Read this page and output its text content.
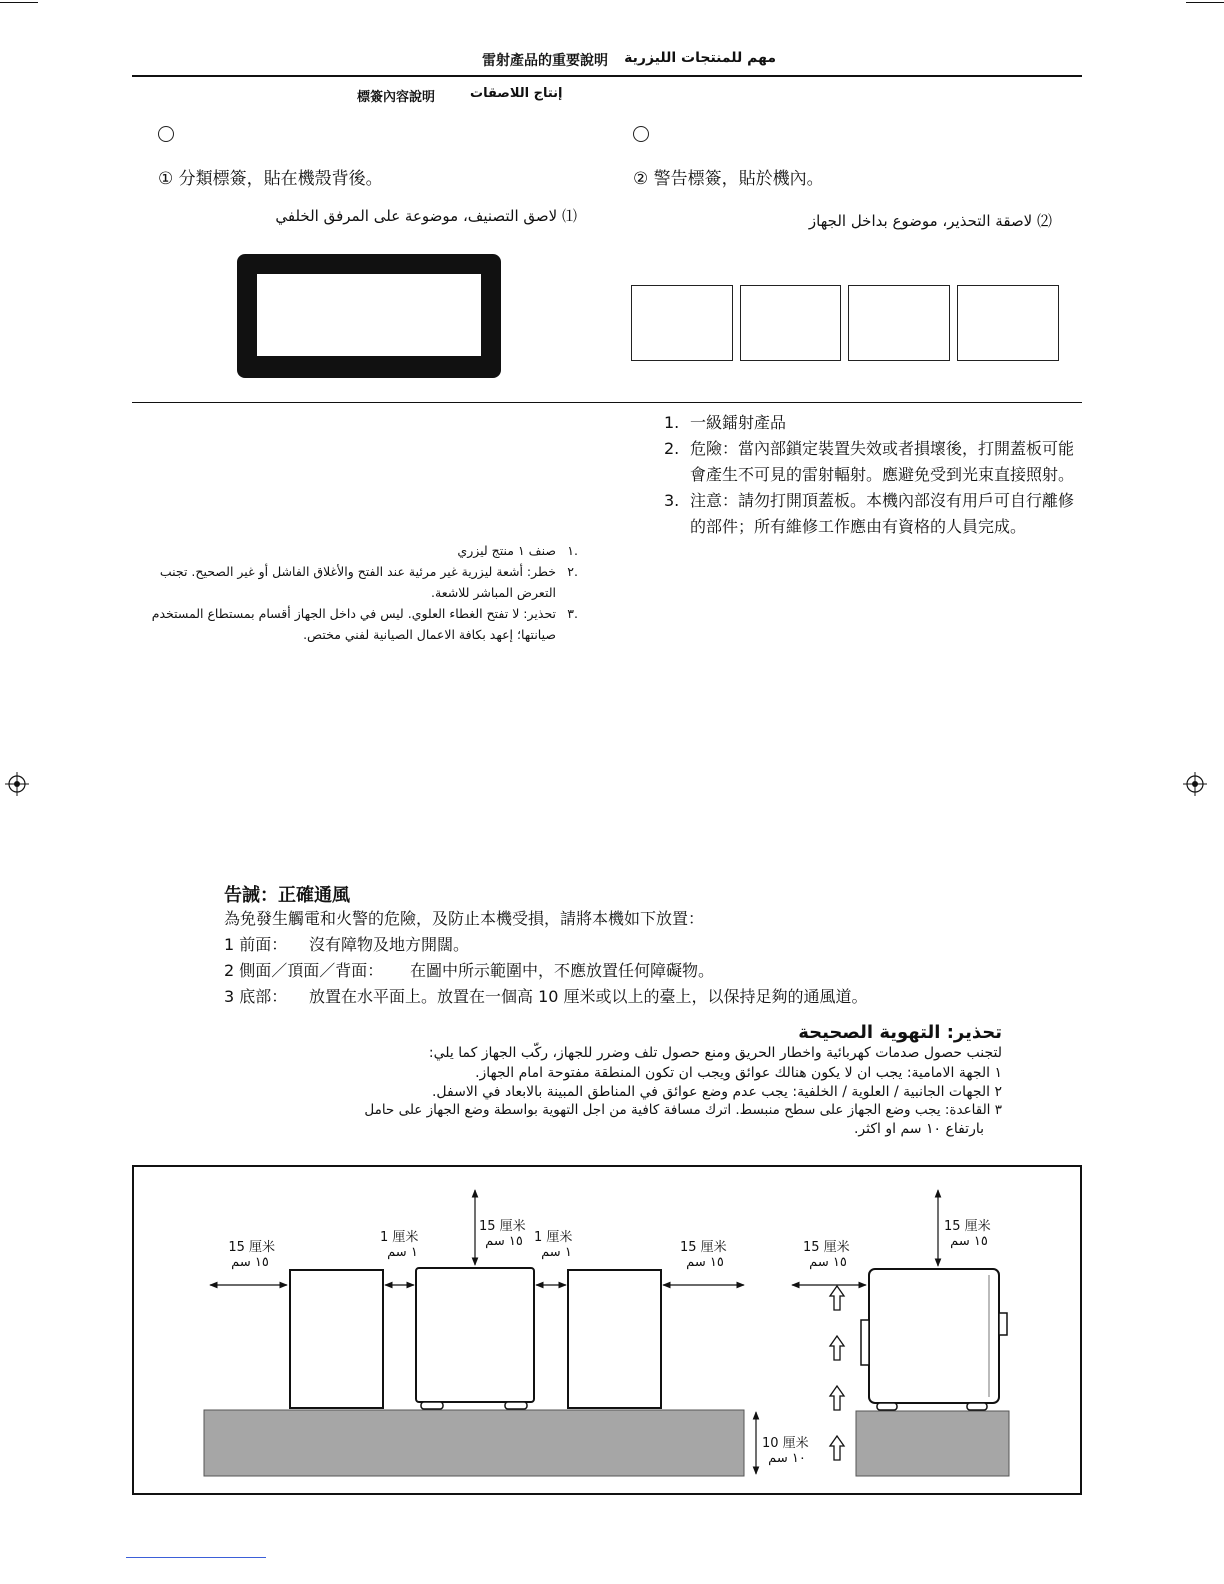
雷射產品的重要說明 مهم للمنتجات الليزرية
標簽內容說明	إنتاج اللاصقات
① 分類標簽，貼在機殼背後。	② 警告標簽，貼於機內。
⑴ لاصق التصنيف، موضوعة على المرفق الخلفي	⑵ لاصقة التحذير، موضوع بداخل الجهاز
1. 一級鐳射產品
2. 危險：當內部鎖定裝置失效或者損壞後，打開蓋板可能會產生不可見的雷射輻射。應避免受到光束直接照射。
3. 注意：請勿打開頂蓋板。本機內部沒有用戶可自行離修的部件；所有維修工作應由有資格的人員完成。
.١
صنف ١ منتج ليزري
.٢
خطر: أشعة ليزرية غير مرئية عند الفتح والأغلاق الفاشل أو غير الصحيح. تجنب التعرض المباشر للاشعة.
.٣
تحذير: لا تفتح الغطاء العلوي. ليس في داخل الجهاز أقسام بمستطاع المستخدم صيانتها؛ إعهد بكافة الاعمال الصيانية لفني مختص.
告誡：正確通風
為免發生觸電和火警的危險，及防止本機受損，請將本機如下放置：
1 前面： 沒有障物及地方開闊。
2 側面／頂面／背面： 在圖中所示範圍中，不應放置任何障礙物。
3 底部： 放置在水平面上。放置在一個高 10 厘米或以上的臺上，以保持足夠的通風道。
تحذير: التهوية الصحيحة
لتجنب حصول صدمات كهربائية واخطار الحريق ومنع حصول تلف وضرر للجهاز، ركّب الجهاز كما يلي:
١ الجهة الامامية: يجب ان لا يكون هنالك عوائق ويجب ان تكون المنطقة مفتوحة امام الجهاز.
٢ الجهات الجانبية / العلوية / الخلفية: يجب عدم وضع عوائق في المناطق المبينة بالابعاد في الاسفل.
٣ القاعدة: يجب وضع الجهاز على سطح منبسط. اترك مسافة كافية من اجل التهوية بواسطة وضع الجهاز على حامل
بارتفاع ١٠ سم او اكثر.
15 厘米
١٥ سم
1 厘米
١ سم
15 厘米
١٥ سم 1 厘米
١ سم	15 厘米
١٥ سم
15 厘米
١٥ سم
15 厘米
١٥ سم
10 厘米
١٠ سم
